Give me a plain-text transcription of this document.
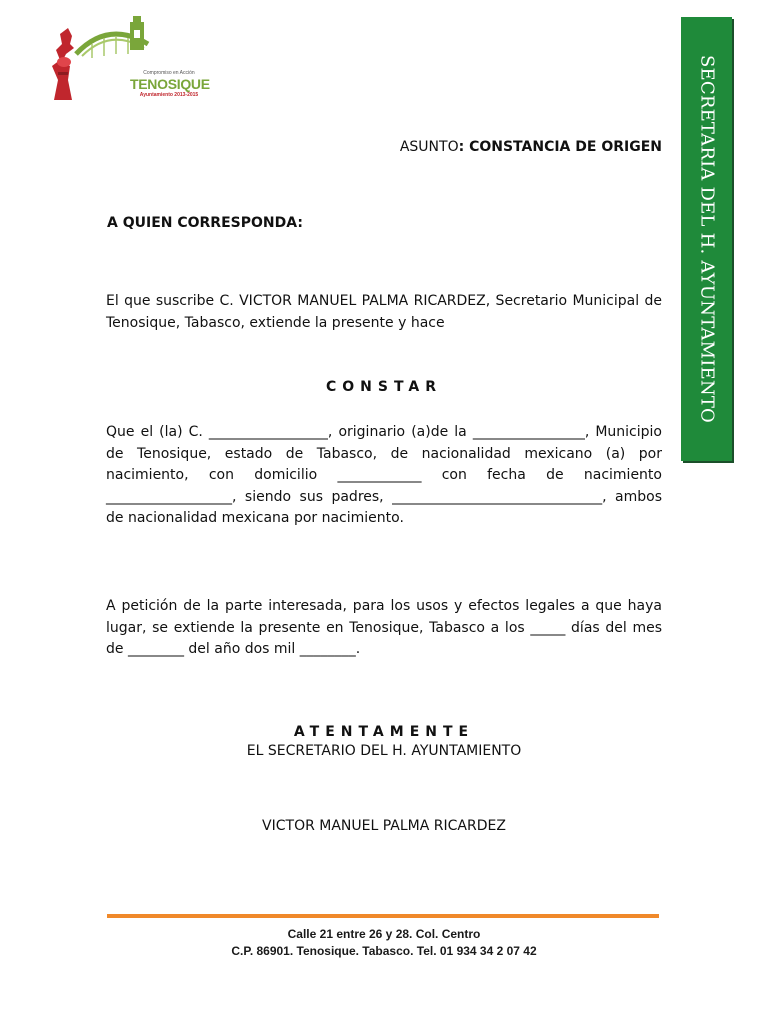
Compromiso en Acción
TENOSIQUE
Ayuntamiento 2013-2015	SECRETARIA DEL H. AYUNTAMIENTO
ASUNTO: CONSTANCIA DE ORIGEN
A QUIEN CORRESPONDA:
El que suscribe C. VICTOR MANUEL PALMA RICARDEZ, Secretario Municipal de Tenosique, Tabasco, extiende la presente y hace
CONSTAR
Que el (la) C. _________________, originario (a)de la ________________, Municipio de Tenosique, estado de Tabasco, de nacionalidad mexicano (a) por nacimiento, con domicilio ____________ con fecha de nacimiento __________________, siendo sus padres, ______________________________, ambos de nacionalidad mexicana por nacimiento.
A petición de la parte interesada, para los usos y efectos legales a que haya lugar, se extiende la presente en Tenosique, Tabasco a los _____ días del mes de ________ del año dos mil ________.
ATENTAMENTE
EL SECRETARIO DEL H. AYUNTAMIENTO
VICTOR MANUEL PALMA RICARDEZ
Calle 21 entre 26 y 28. Col. Centro
C.P. 86901. Tenosique. Tabasco. Tel. 01 934 34 2 07 42
